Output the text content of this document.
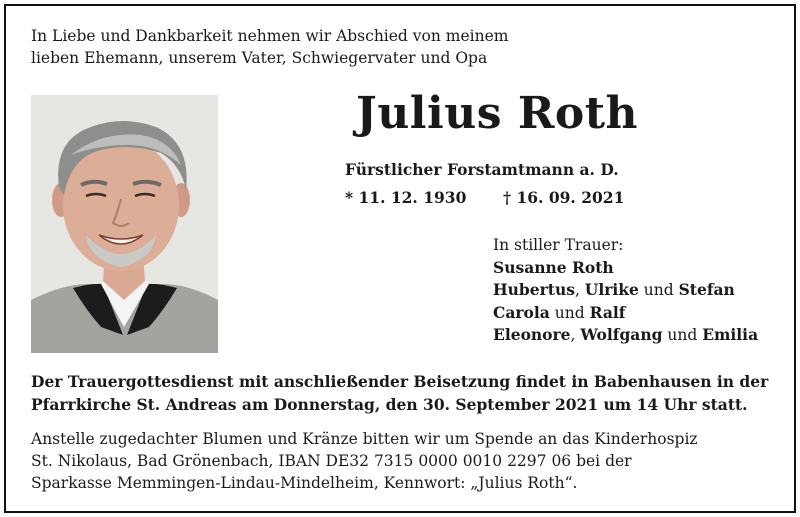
In Liebe und Dankbarkeit nehmen wir Abschied von meinem
lieben Ehemann, unserem Vater, Schwiegervater und Opa
Julius Roth
Fürstlicher Forstamtmann a. D.
* 11. 12. 1930 † 16. 09. 2021
In stiller Trauer:
Susanne Roth
Hubertus, Ulrike und Stefan
Carola und Ralf
Eleonore, Wolfgang und Emilia
Der Trauergottesdienst mit anschließender Beisetzung findet in Babenhausen in der
Pfarrkirche St. Andreas am Donnerstag, den 30. September 2021 um 14 Uhr statt.
Anstelle zugedachter Blumen und Kränze bitten wir um Spende an das Kinderhospiz
St. Nikolaus, Bad Grönenbach, IBAN DE32 7315 0000 0010 2297 06 bei der
Sparkasse Memmingen-Lindau-Mindelheim, Kennwort: „Julius Roth“.
